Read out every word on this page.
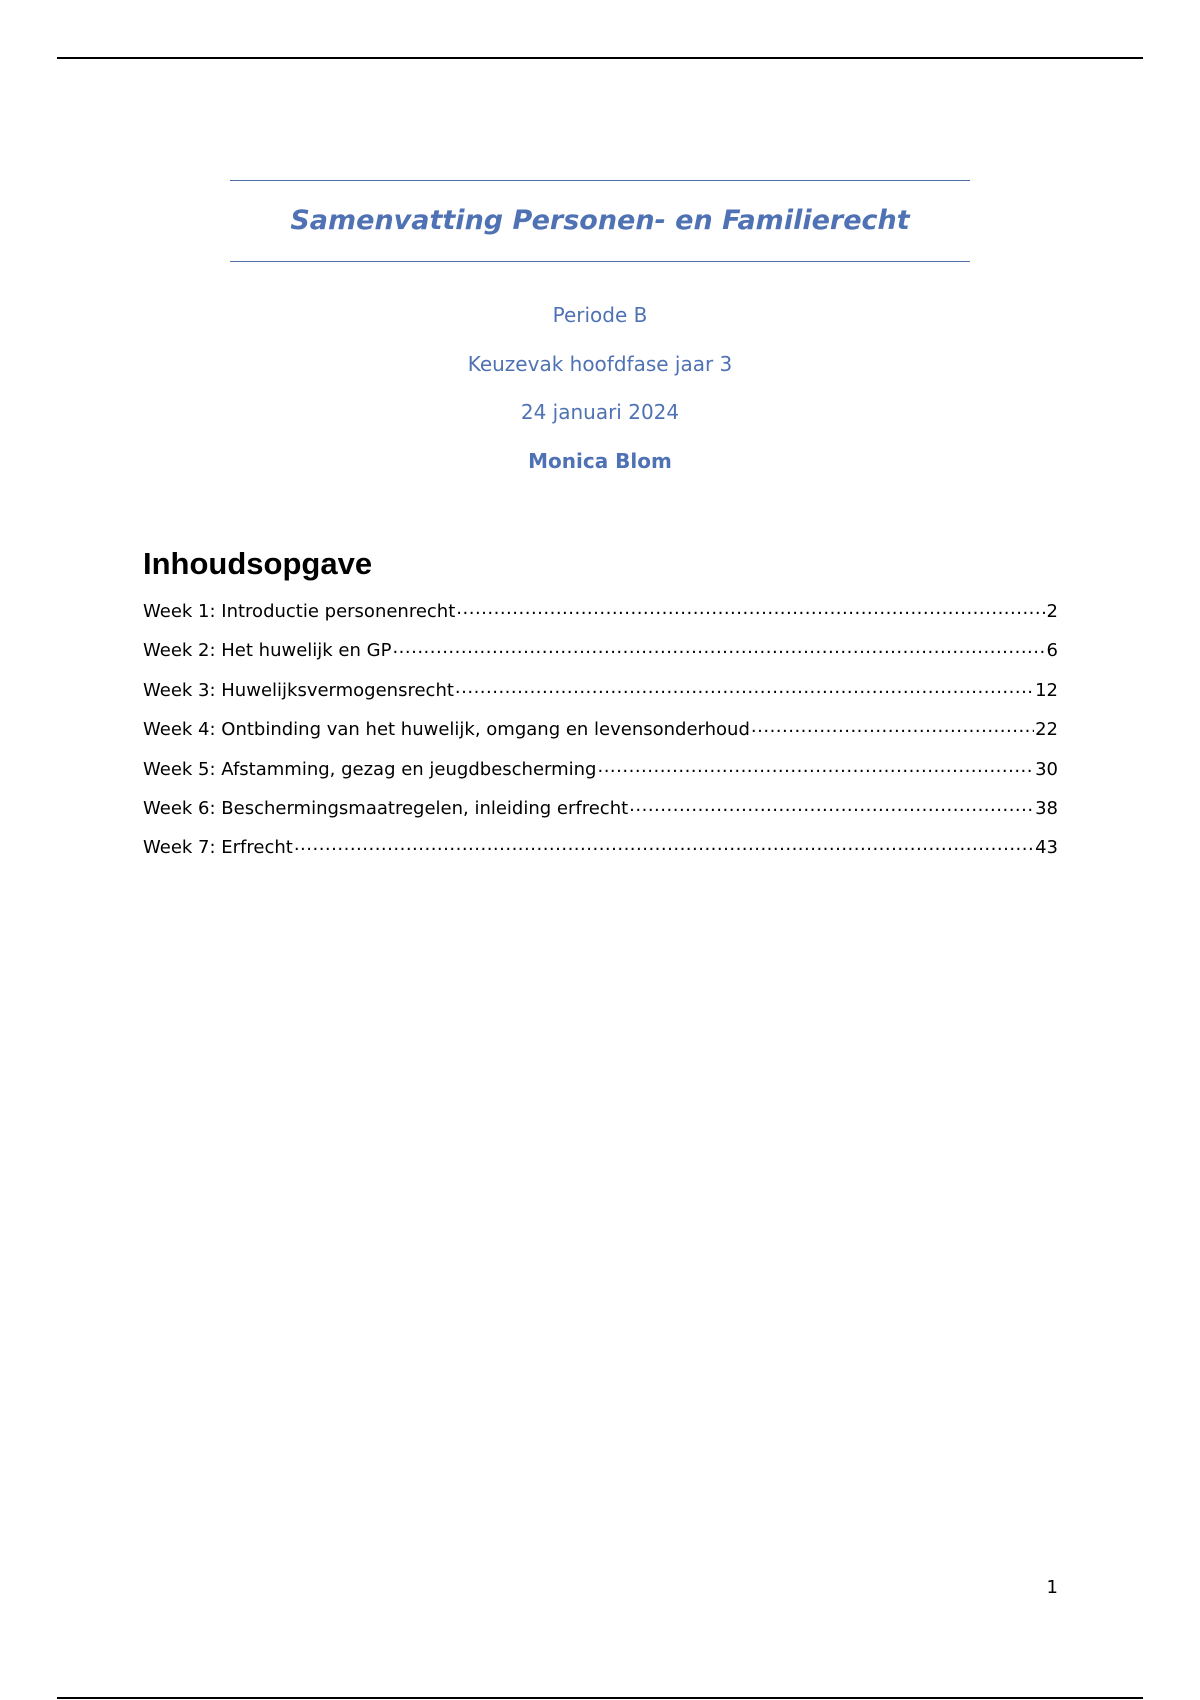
Samenvatting Personen- en Familierecht
Periode B
Keuzevak hoofdfase jaar 3
24 januari 2024
Monica Blom
Inhoudsopgave
Week 1: Introductie personenrecht .....	2
Week 2: Het huwelijk en GP .....	6
Week 3: Huwelijksvermogensrecht .....	12
Week 4: Ontbinding van het huwelijk, omgang en levensonderhoud .....	22
Week 5: Afstamming, gezag en jeugdbescherming .....	30
Week 6: Beschermingsmaatregelen, inleiding erfrecht .....	38
Week 7: Erfrecht .....	43
1
